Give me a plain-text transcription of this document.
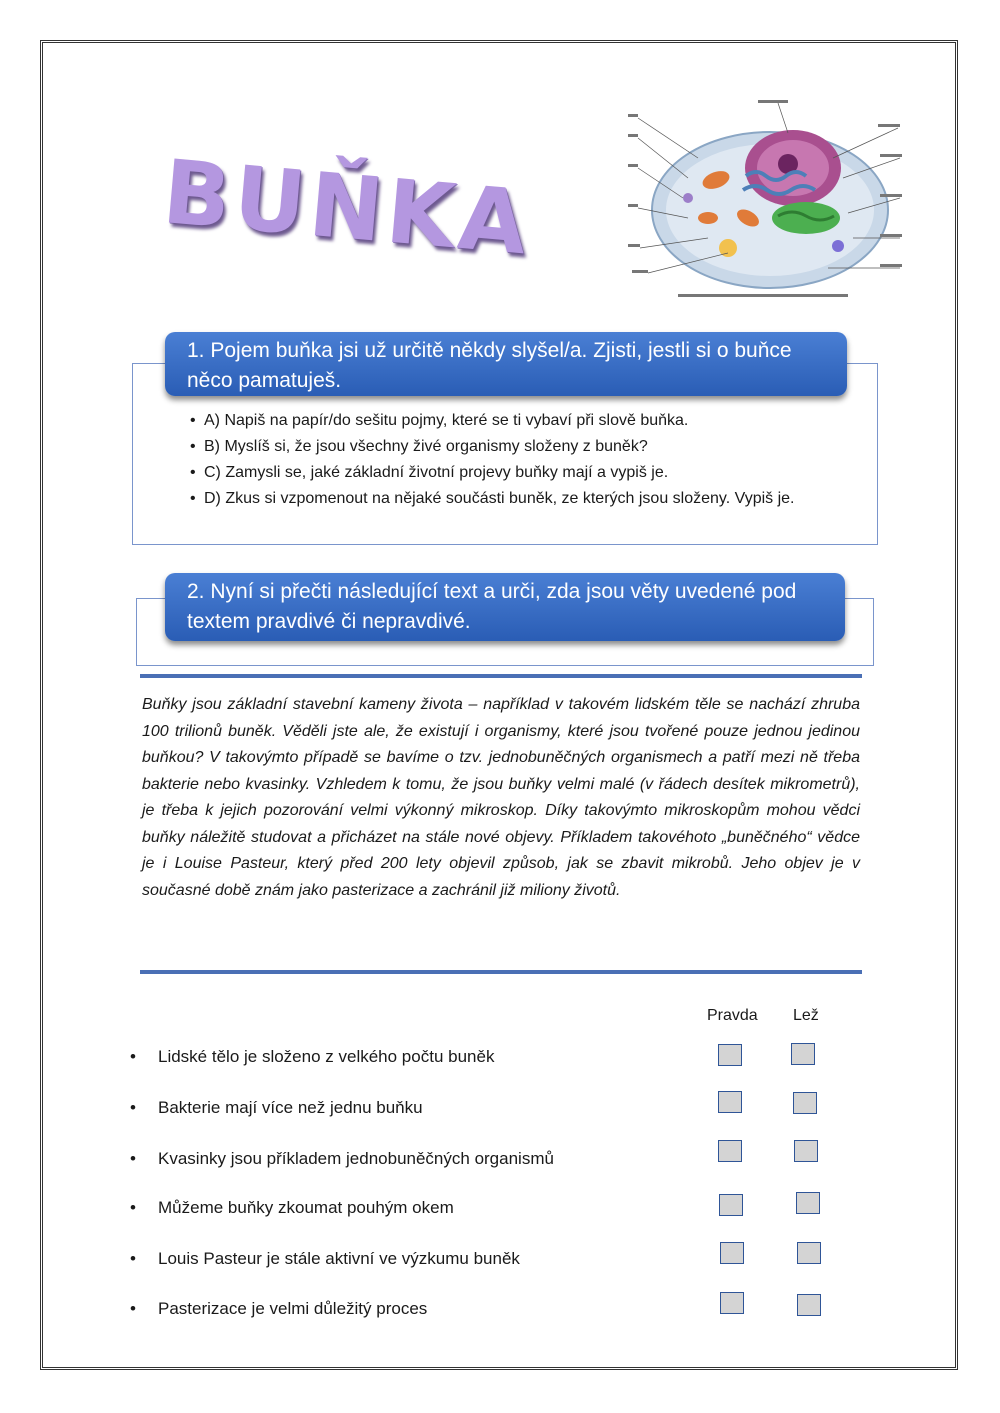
BUŇKA
1. Pojem buňka jsi už určitě někdy slyšel/a. Zjisti, jestli si o buňce něco pamatuješ.
• A) Napiš na papír/do sešitu pojmy, které se ti vybaví při slově buňka.
• B) Myslíš si, že jsou všechny živé organismy složeny z buněk?
• C) Zamysli se, jaké základní životní projevy buňky mají a vypiš je.
• D) Zkus si vzpomenout na nějaké součásti buněk, ze kterých jsou složeny. Vypiš je.
2. Nyní si přečti následující text a urči, zda jsou věty uvedené pod textem pravdivé či nepravdivé.
Buňky jsou základní stavební kameny života – například v takovém lidském těle se nachází zhruba 100 trilionů buněk. Věděli jste ale, že existují i organismy, které jsou tvořené pouze jednou jedinou buňkou? V takovýmto případě se bavíme o tzv. jednobuněčných organismech a patří mezi ně třeba bakterie nebo kvasinky. Vzhledem k tomu, že jsou buňky velmi malé (v řádech desítek mikrometrů), je třeba k jejich pozorování velmi výkonný mikroskop. Díky takovýmto mikroskopům mohou vědci buňky náležitě studovat a přicházet na stále nové objevy. Příkladem takovéhoto „buněčného“ vědce je i Louise Pasteur, který před 200 lety objevil způsob, jak se zbavit mikrobů. Jeho objev je v současné době znám jako pasterizace a zachránil již miliony životů.
Pravda Lež
• Lidské tělo je složeno z velkého počtu buněk
• Bakterie mají více než jednu buňku
• Kvasinky jsou příkladem jednobuněčných organismů
• Můžeme buňky zkoumat pouhým okem
• Louis Pasteur je stále aktivní ve výzkumu buněk
• Pasterizace je velmi důležitý proces
